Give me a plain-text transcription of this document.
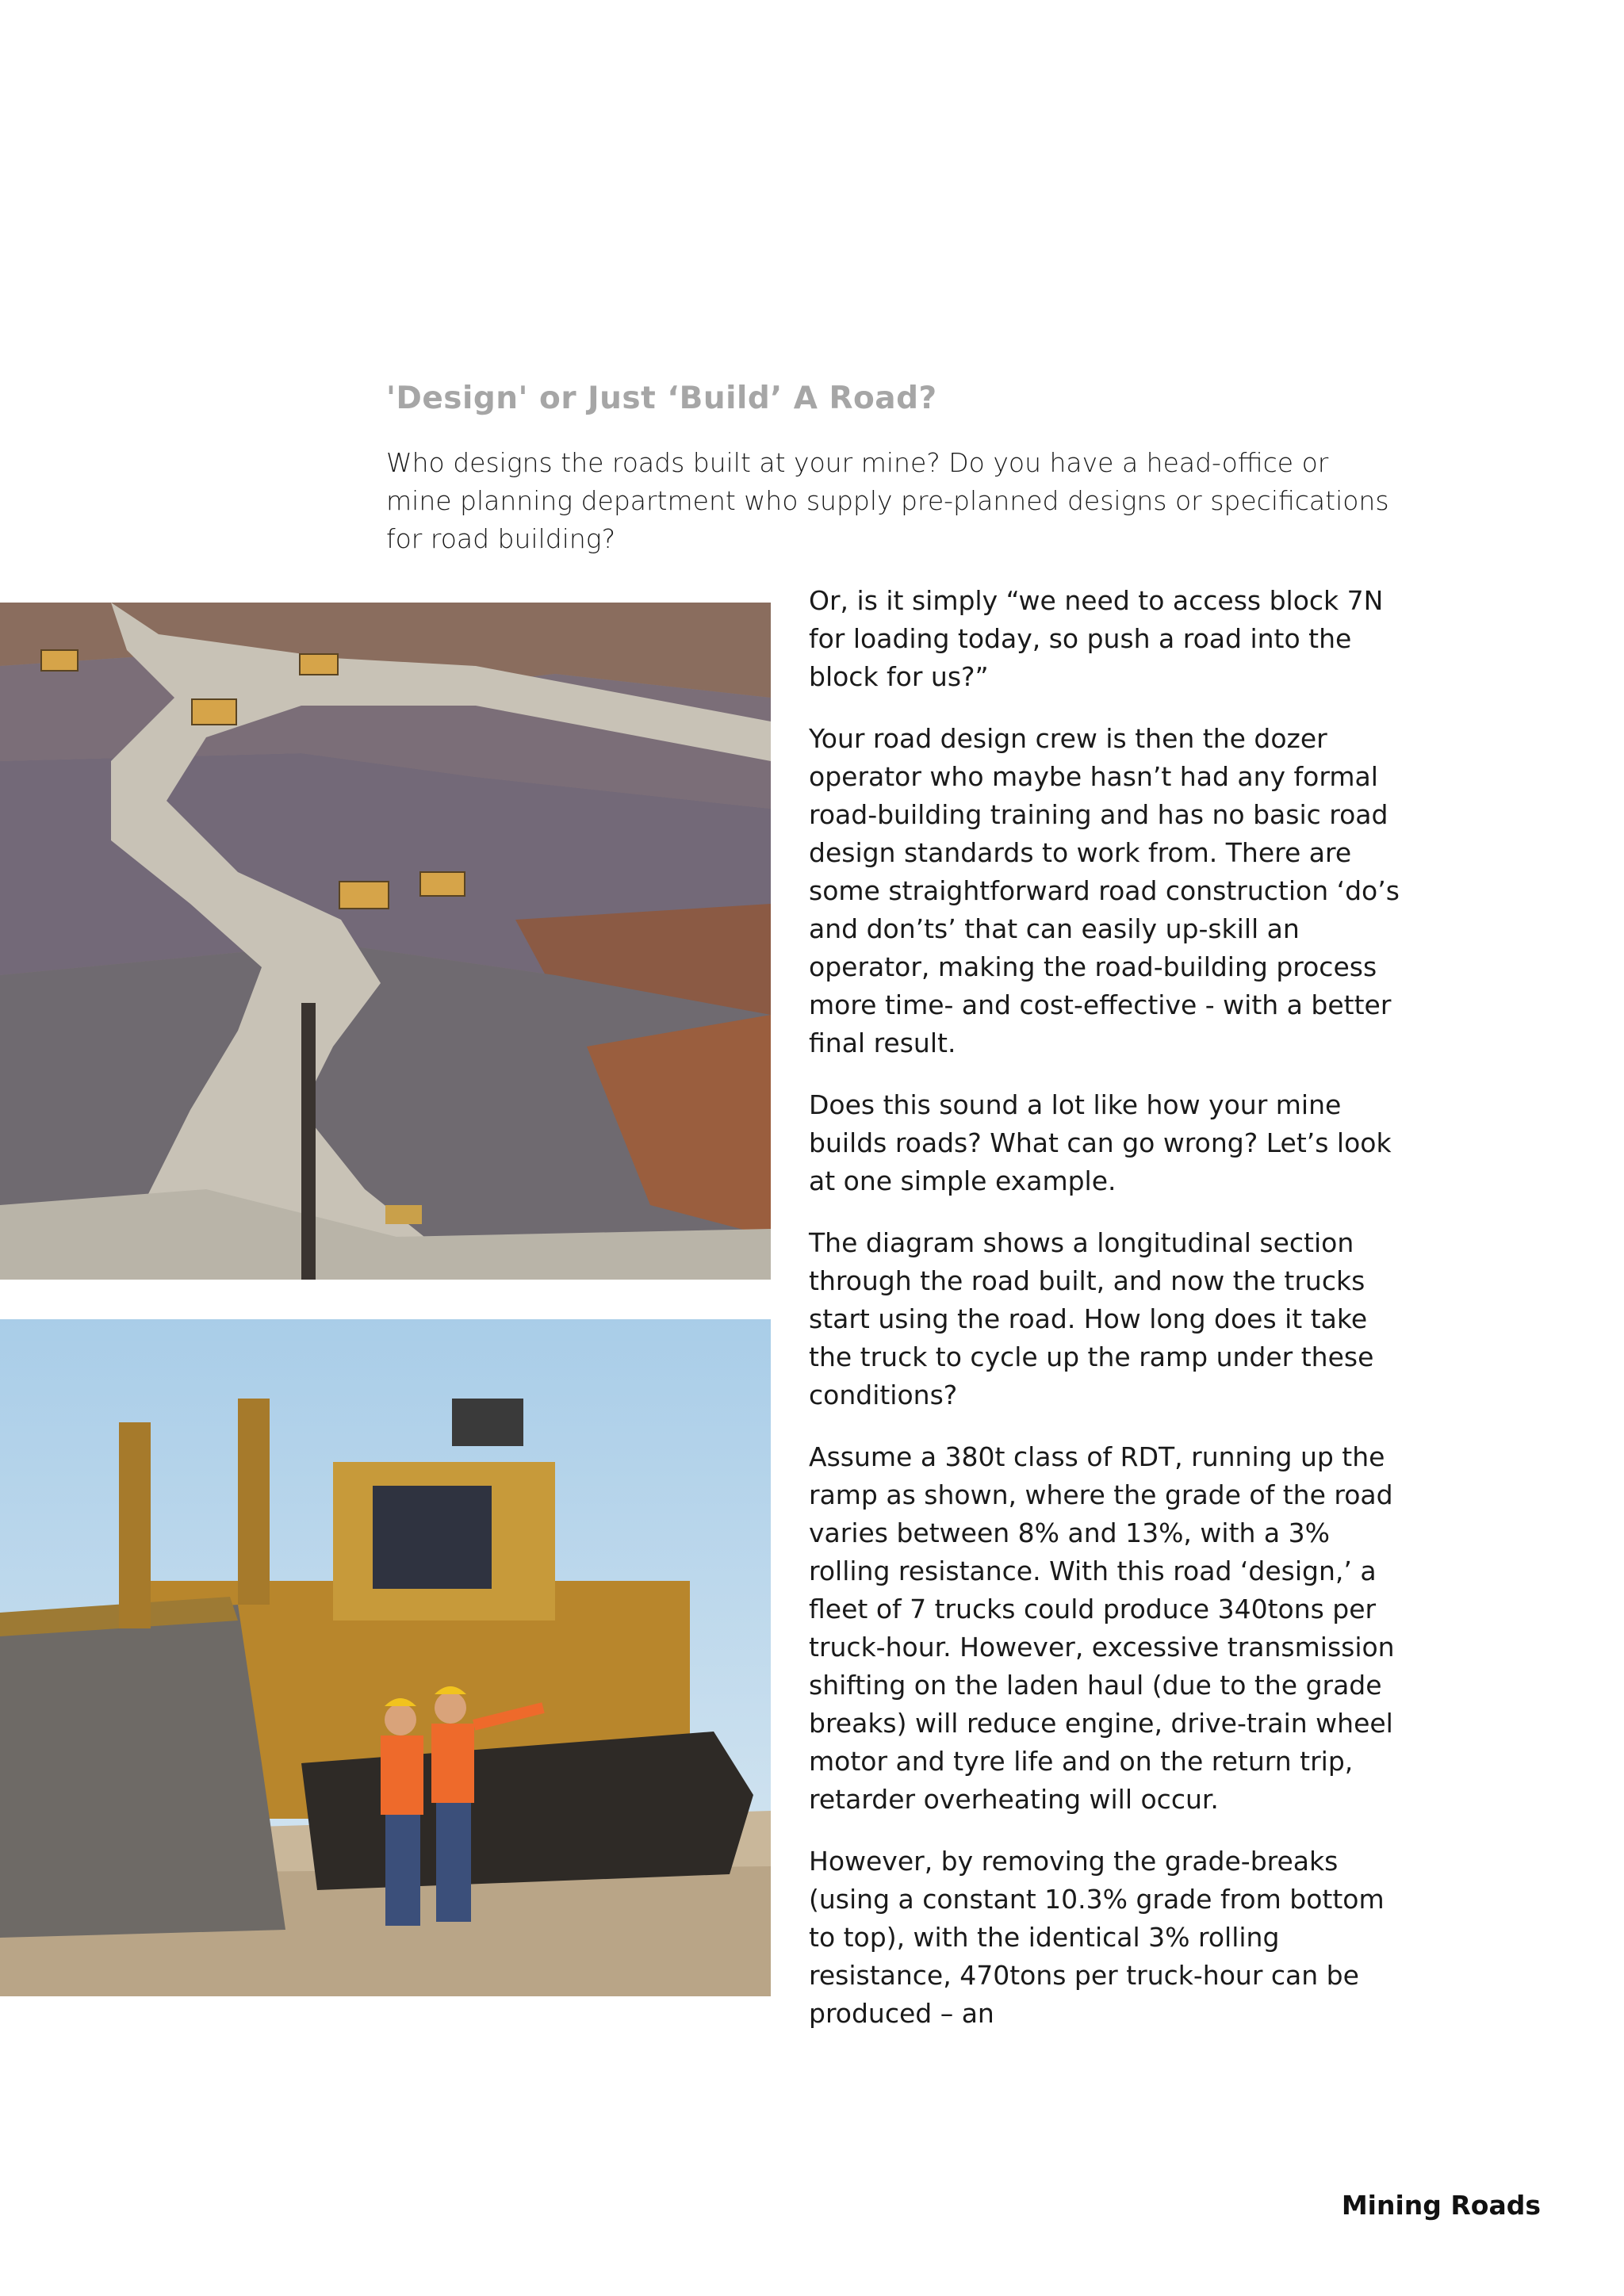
'Design' or Just ‘Build’ A Road?

Who designs the roads built at your mine? Do you have a head-office or mine planning department who supply pre-planned designs or specifications for road building?

Or, is it simply “we need to access block 7N for loading today, so push a road into the block for us?”

Your road design crew is then the dozer operator who maybe hasn’t had any formal road-building training and has no basic road design standards to work from. There are some straightforward road construction ‘do’s and don’ts’ that can easily up-skill an operator, making the road-building process more time- and cost-effective - with a better final result.

Does this sound a lot like how your mine builds roads? What can go wrong? Let’s look at one simple example.

The diagram shows a longitudinal section through the road built, and now the trucks start using the road. How long does it take the truck to cycle up the ramp under these conditions?

Assume a 380t class of RDT, running up the ramp as shown, where the grade of the road varies between 8% and 13%, with a 3% rolling resistance. With this road ‘design,’ a fleet of 7 trucks could produce 340tons per truck-hour. However, excessive transmission shifting on the laden haul (due to the grade breaks) will reduce engine, drive-train wheel motor and tyre life and on the return trip, retarder overheating will occur.

However, by removing the grade-breaks (using a constant 10.3% grade from bottom to top), with the identical 3% rolling resistance, 470tons per truck-hour can be produced – an

Mining Roads
